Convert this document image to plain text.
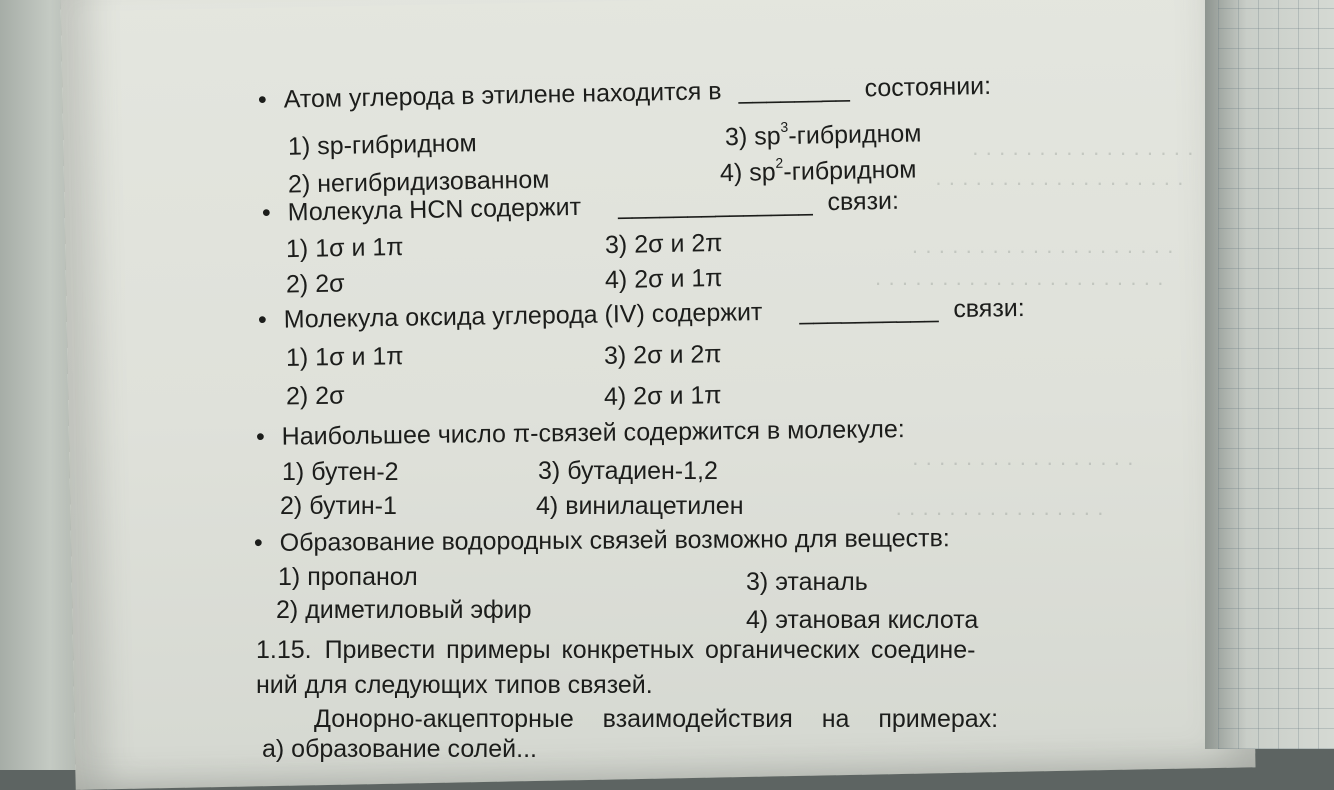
• Атом углерода в этилене находится в ________ состоянии:
1) sp-гибридном
2) негибридизованном
3) $sp^3$-гибридном
4) $sp^2$-гибридном
• Молекула HCN содержит ______________ связи:
1) 1σ и 1π
2) 2σ
3) 2σ и 2π
4) 2σ и 1π
• Молекула оксида углерода (IV) содержит __________ связи:
1) 1σ и 1π
2) 2σ
3) 2σ и 2π
4) 2σ и 1π
• Наибольшее число π-связей содержится в молекуле:
1) бутен-2
2) бутин-1
3) бутадиен-1,2
4) винилацетилен
• Образование водородных связей возможно для веществ:
1) пропанол
2) диметиловый эфир
3) этаналь
4) этановая кислота
1.15. Привести примеры конкретных органических соедине-
ний для следующих типов связей.
Донорно-акцепторные взаимодействия на примерах:
а) образование солей...
